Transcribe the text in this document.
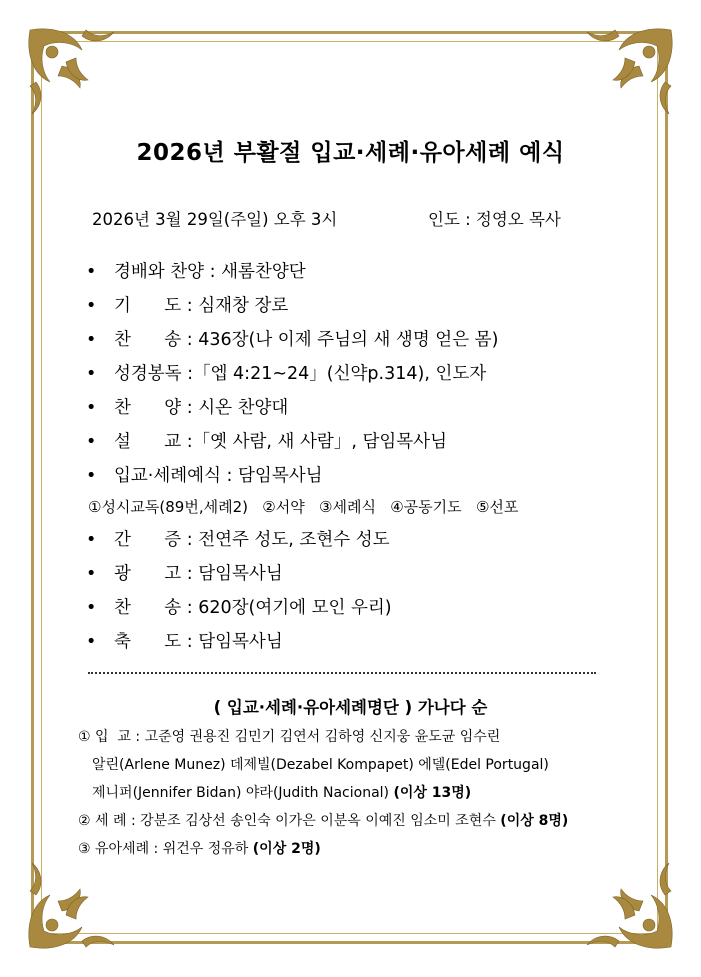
2026년 부활절 입교·세례·유아세례 예식
2026년 3월 29일(주일) 오후 3시	인도 : 정영오 목사
•	경배와 찬양 : 새롬찬양단
•	기      도 : 심재창 장로
•	찬      송 : 436장(나 이제 주님의 새 생명 얻은 몸)
•	성경봉독 :「엡 4:21~24」(신약p.314), 인도자
•	찬      양 : 시온 찬양대
•	설      교 :「옛 사람, 새 사람」, 담임목사님
•	입교·세례예식 : 담임목사님
①성시교독(89번,세례2)   ②서약   ③세례식   ④공동기도   ⑤선포
•	간      증 : 전연주 성도, 조현수 성도
•	광      고 : 담임목사님
•	찬      송 : 620장(여기에 모인 우리)
•	축      도 : 담임목사님
( 입교·세례·유아세례명단 ) 가나다 순
① 입  교 : 고준영 권용진 김민기 김연서 김하영 신지웅 윤도균 임수린
알린(Arlene Munez) 데제빌(Dezabel Kompapet) 에델(Edel Portugal)
제니퍼(Jennifer Bidan) 야라(Judith Nacional) (이상 13명)
② 세 례 : 강분조 김상선 송인숙 이가은 이분옥 이예진 임소미 조현수 (이상 8명)
③ 유아세례 : 위건우 정유하 (이상 2명)
